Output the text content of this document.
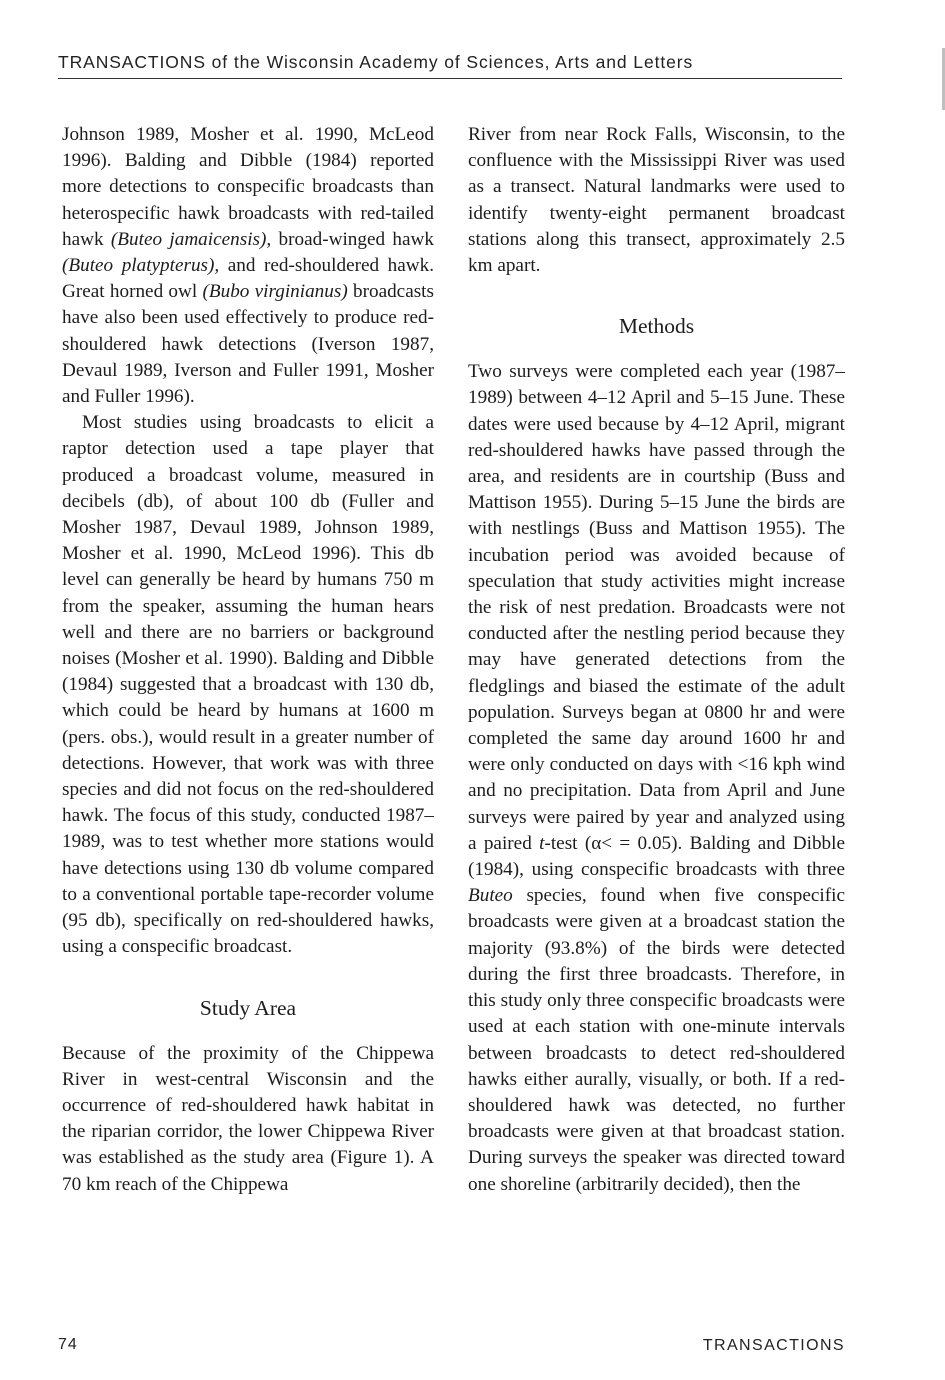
TRANSACTIONS of the Wisconsin Academy of Sciences, Arts and Letters

Johnson 1989, Mosher et al. 1990, McLeod 1996). Balding and Dibble (1984) reported more detections to conspecific broadcasts than heterospecific hawk broadcasts with red-tailed hawk (Buteo jamaicensis), broad-winged hawk (Buteo platypterus), and red-shouldered hawk. Great horned owl (Bubo virginianus) broadcasts have also been used effectively to produce red-shouldered hawk detections (Iverson 1987, Devaul 1989, Iverson and Fuller 1991, Mosher and Fuller 1996).

Most studies using broadcasts to elicit a raptor detection used a tape player that produced a broadcast volume, measured in decibels (db), of about 100 db (Fuller and Mosher 1987, Devaul 1989, Johnson 1989, Mosher et al. 1990, McLeod 1996). This db level can generally be heard by humans 750 m from the speaker, assuming the human hears well and there are no barriers or background noises (Mosher et al. 1990). Balding and Dibble (1984) suggested that a broadcast with 130 db, which could be heard by humans at 1600 m (pers. obs.), would result in a greater number of detections. However, that work was with three species and did not focus on the red-shouldered hawk. The focus of this study, conducted 1987–1989, was to test whether more stations would have detections using 130 db volume compared to a conventional portable tape-recorder volume (95 db), specifically on red-shouldered hawks, using a conspecific broadcast.

Study Area

Because of the proximity of the Chippewa River in west-central Wisconsin and the occurrence of red-shouldered hawk habitat in the riparian corridor, the lower Chippewa River was established as the study area (Figure 1). A 70 km reach of the Chippewa

River from near Rock Falls, Wisconsin, to the confluence with the Mississippi River was used as a transect. Natural landmarks were used to identify twenty-eight permanent broadcast stations along this transect, approximately 2.5 km apart.

Methods

Two surveys were completed each year (1987–1989) between 4–12 April and 5–15 June. These dates were used because by 4–12 April, migrant red-shouldered hawks have passed through the area, and residents are in courtship (Buss and Mattison 1955). During 5–15 June the birds are with nestlings (Buss and Mattison 1955). The incubation period was avoided because of speculation that study activities might increase the risk of nest predation. Broadcasts were not conducted after the nestling period because they may have generated detections from the fledglings and biased the estimate of the adult population. Surveys began at 0800 hr and were completed the same day around 1600 hr and were only conducted on days with <16 kph wind and no precipitation. Data from April and June surveys were paired by year and analyzed using a paired t-test (α< = 0.05). Balding and Dibble (1984), using conspecific broadcasts with three Buteo species, found when five conspecific broadcasts were given at a broadcast station the majority (93.8%) of the birds were detected during the first three broadcasts. Therefore, in this study only three conspecific broadcasts were used at each station with one-minute intervals between broadcasts to detect red-shouldered hawks either aurally, visually, or both. If a red-shouldered hawk was detected, no further broadcasts were given at that broadcast station. During surveys the speaker was directed toward one shoreline (arbitrarily decided), then the

74	TRANSACTIONS
